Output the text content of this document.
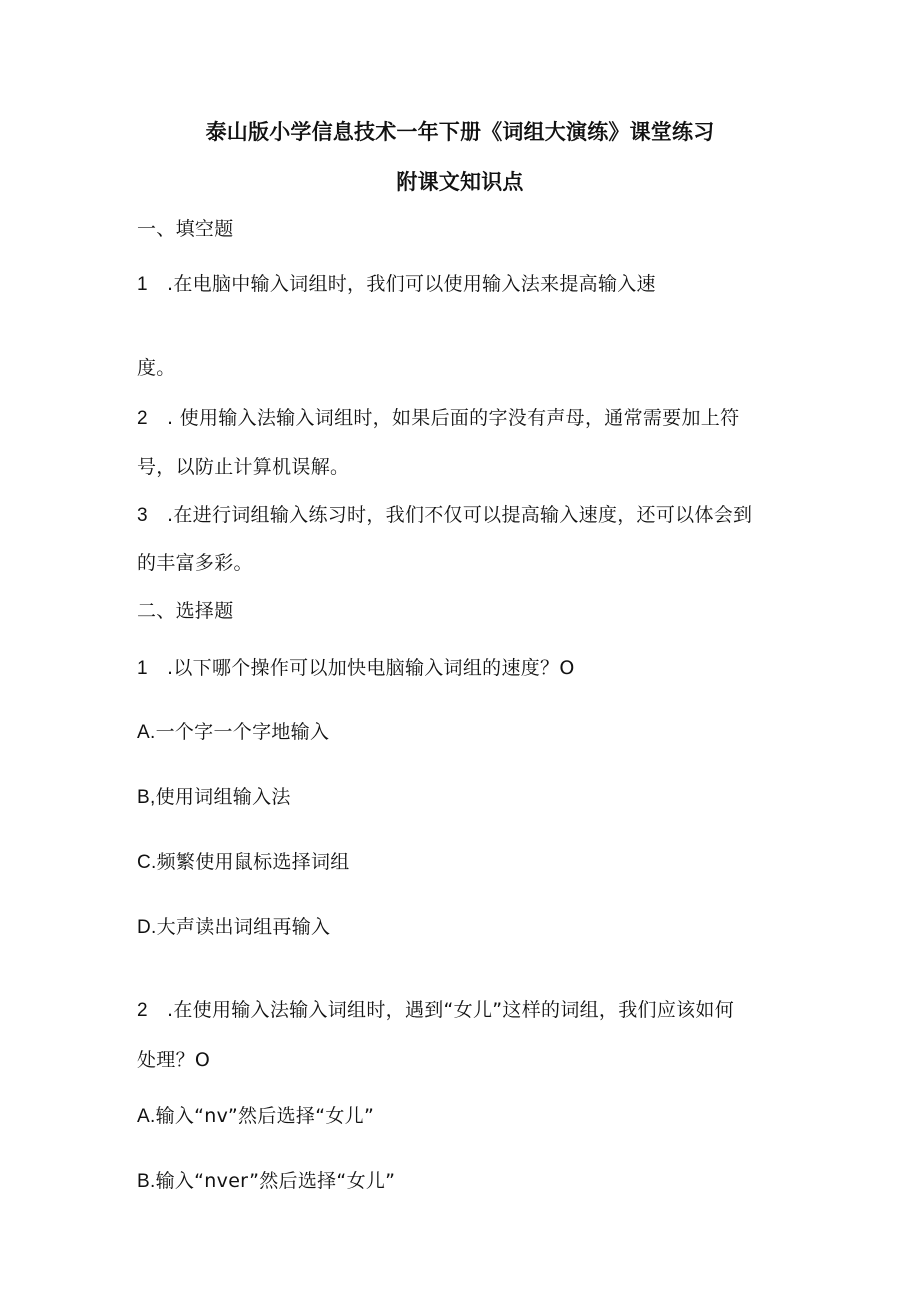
泰山版小学信息技术一年下册《词组大演练》课堂练习
附课文知识点
一、填空题
1 .在电脑中输入词组时，我们可以使用输入法来提高输入速
度。
2 . 使用输入法输入词组时，如果后面的字没有声母，通常需要加上符
号，以防止计算机误解。
3 .在进行词组输入练习时，我们不仅可以提高输入速度，还可以体会到
的丰富多彩。
二、选择题
1 .以下哪个操作可以加快电脑输入词组的速度？O
A.一个字一个字地输入
B,使用词组输入法
C.频繁使用鼠标选择词组
D.大声读出词组再输入
2 .在使用输入法输入词组时，遇到“女儿”这样的词组，我们应该如何
处理？O
A.输入“nv”然后选择“女儿”
B.输入“nver”然后选择“女儿”
